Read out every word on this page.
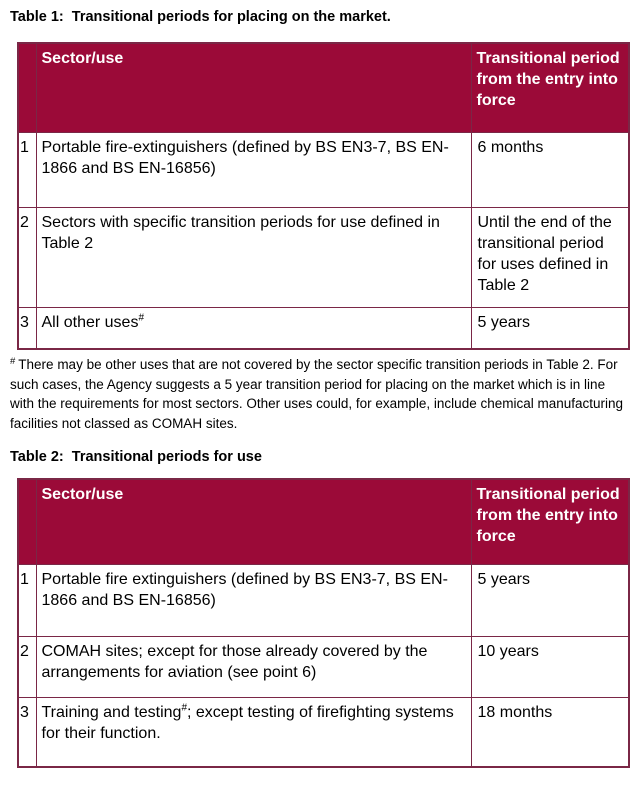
Table 1:  Transitional periods for placing on the market.

	Sector/use	Transitional period from the entry into force
1	Portable fire-extinguishers (defined by BS EN3-7, BS EN-1866 and BS EN-16856)	6 months
2	Sectors with specific transition periods for use defined in Table 2	Until the end of the transitional period for uses defined in Table 2
3	All other uses#	5 years

# There may be other uses that are not covered by the sector specific transition periods in Table 2. For such cases, the Agency suggests a 5 year transition period for placing on the market which is in line with the requirements for most sectors. Other uses could, for example, include chemical manufacturing facilities not classed as COMAH sites.

Table 2:  Transitional periods for use

	Sector/use	Transitional period from the entry into force
1	Portable fire extinguishers (defined by BS EN3-7, BS EN-1866 and BS EN-16856)	5 years
2	COMAH sites; except for those already covered by the arrangements for aviation (see point 6)	10 years
3	Training and testing#; except testing of firefighting systems for their function.	18 months
